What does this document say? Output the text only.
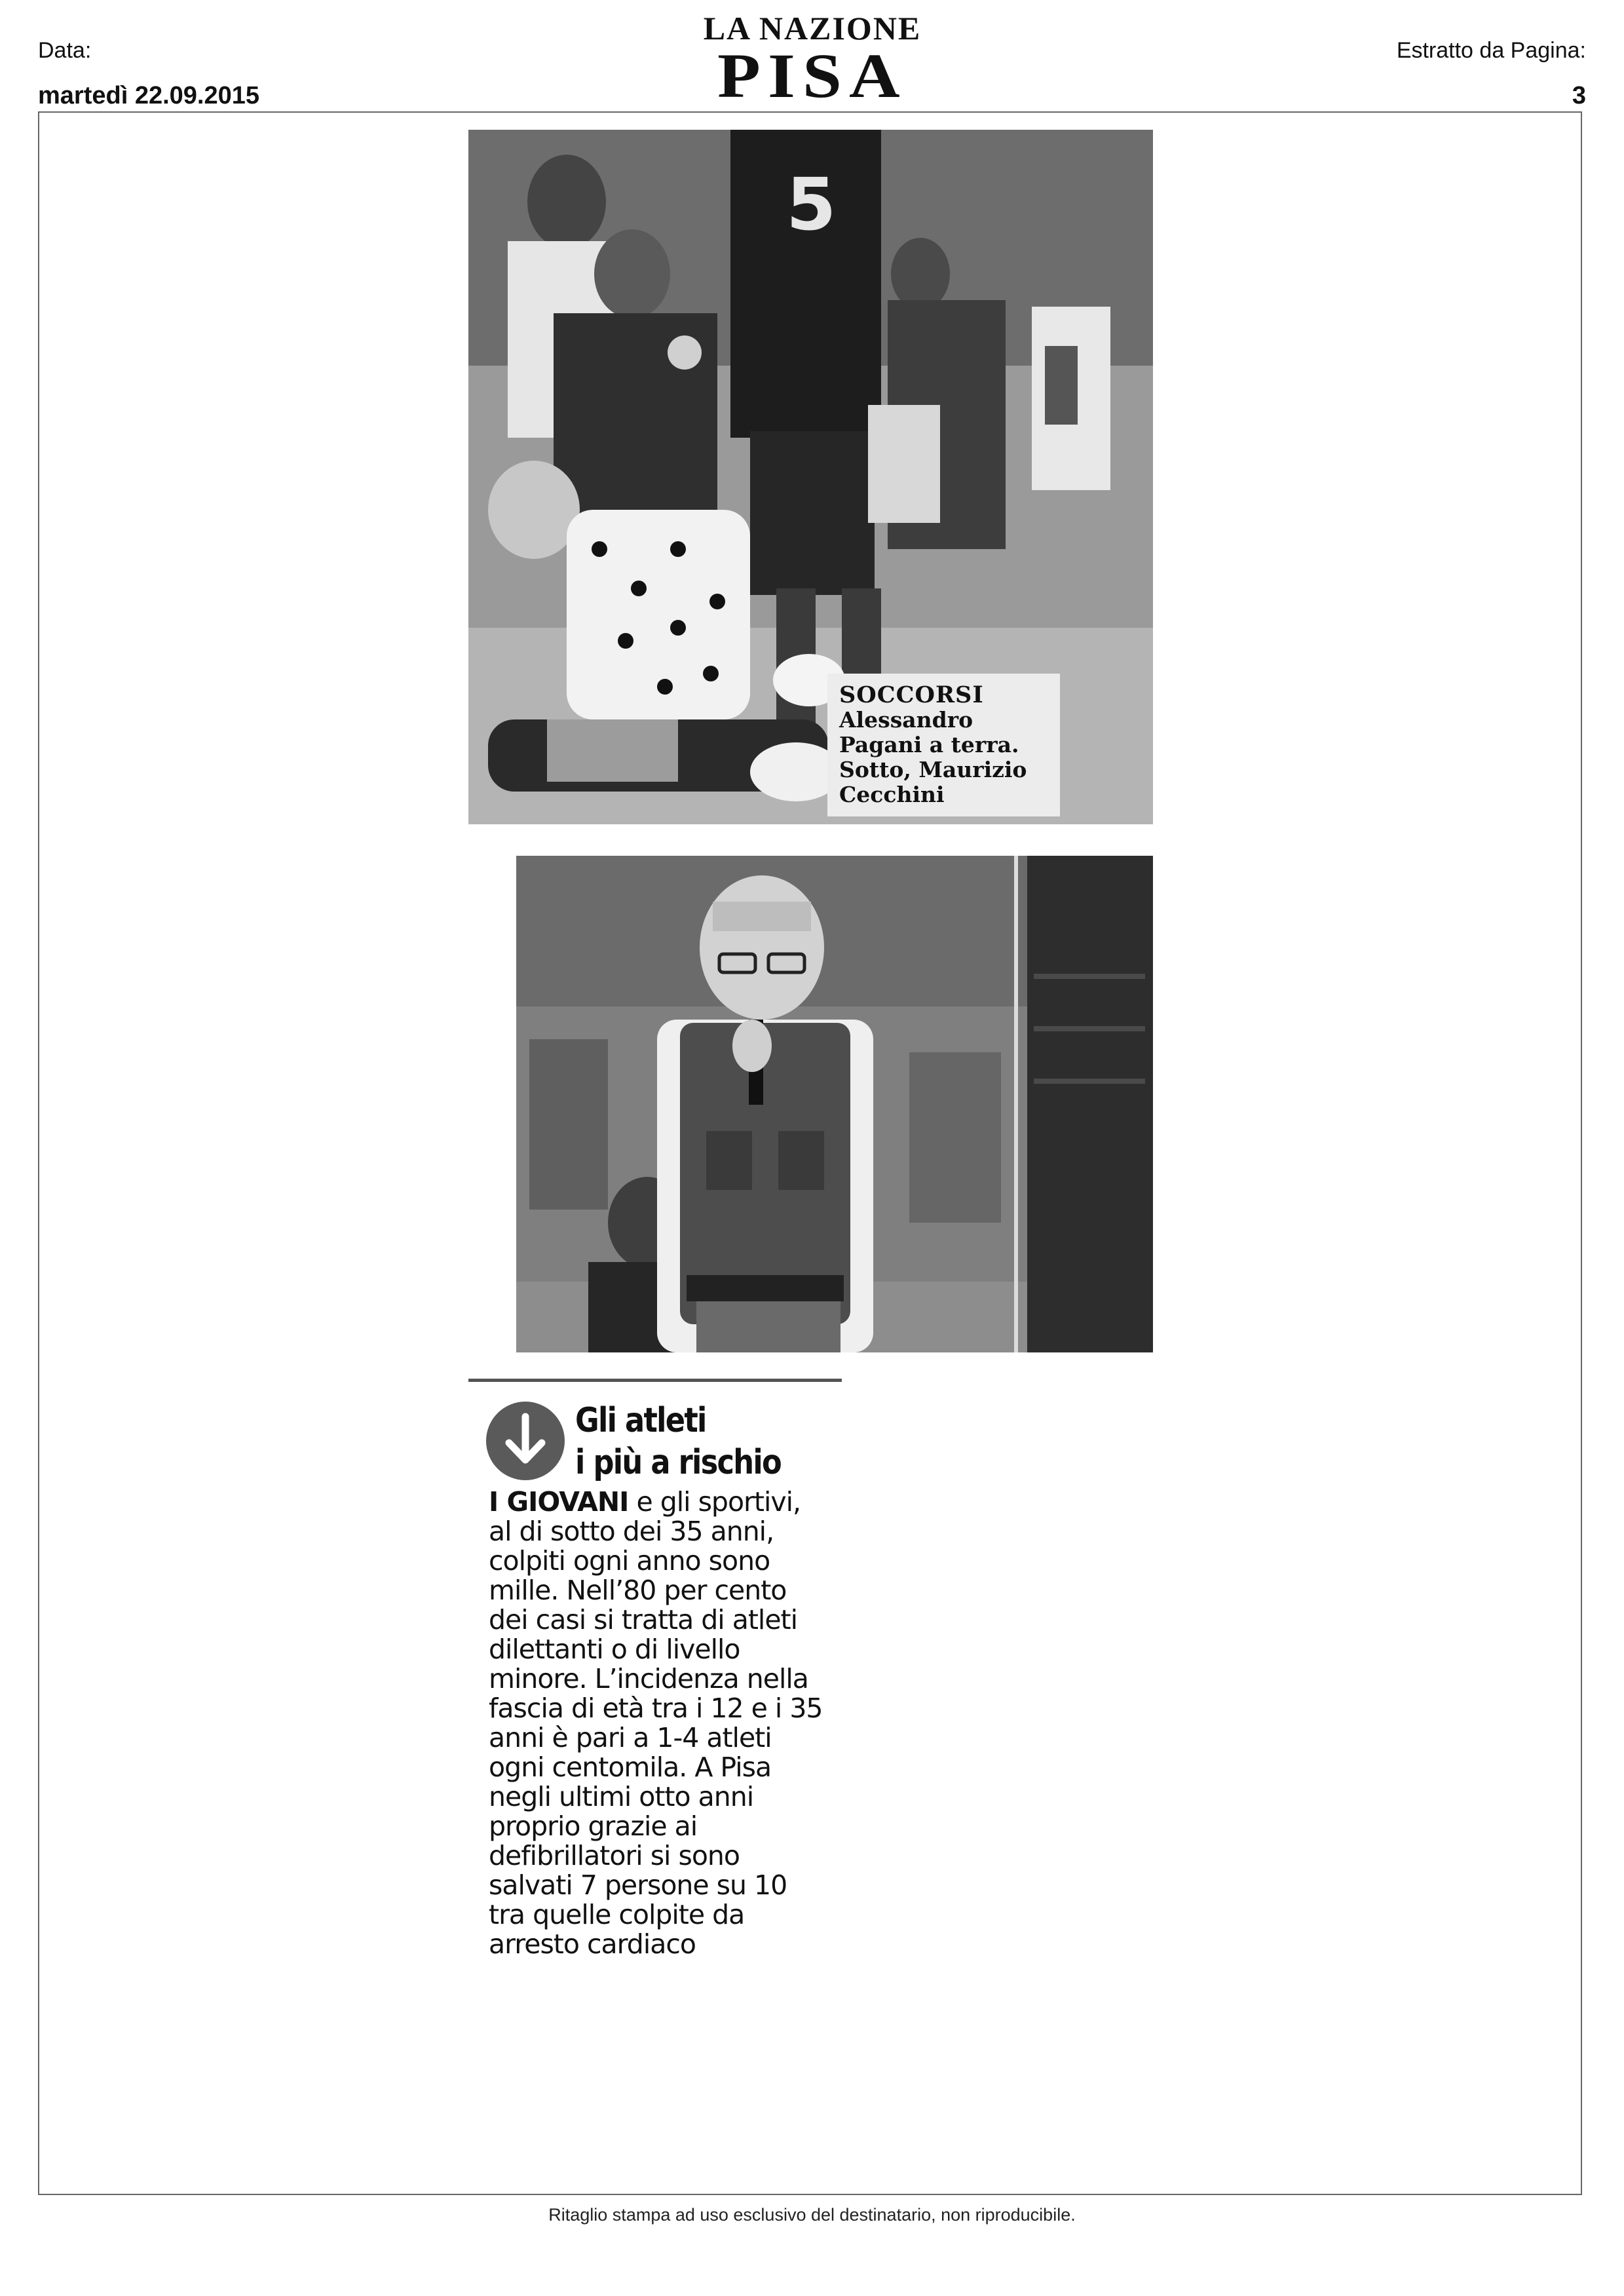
Data:
martedì 22.09.2015
LA NAZIONE
PISA	Estratto da Pagina:
3
5
SOCCORSI
Alessandro Pagani a terra. Sotto, Maurizio Cecchini
Gli atleti
i più a rischio
I GIOVANI e gli sportivi, al di sotto dei 35 anni, colpiti ogni anno sono mille. Nell’80 per cento dei casi si tratta di atleti dilettanti o di livello minore. L’incidenza nella fascia di età tra i 12 e i 35 anni è pari a 1-4 atleti ogni centomila. A Pisa negli ultimi otto anni proprio grazie ai defibrillatori si sono salvati 7 persone su 10 tra quelle colpite da arresto cardiaco
Ritaglio stampa ad uso esclusivo del destinatario, non riproducibile.
